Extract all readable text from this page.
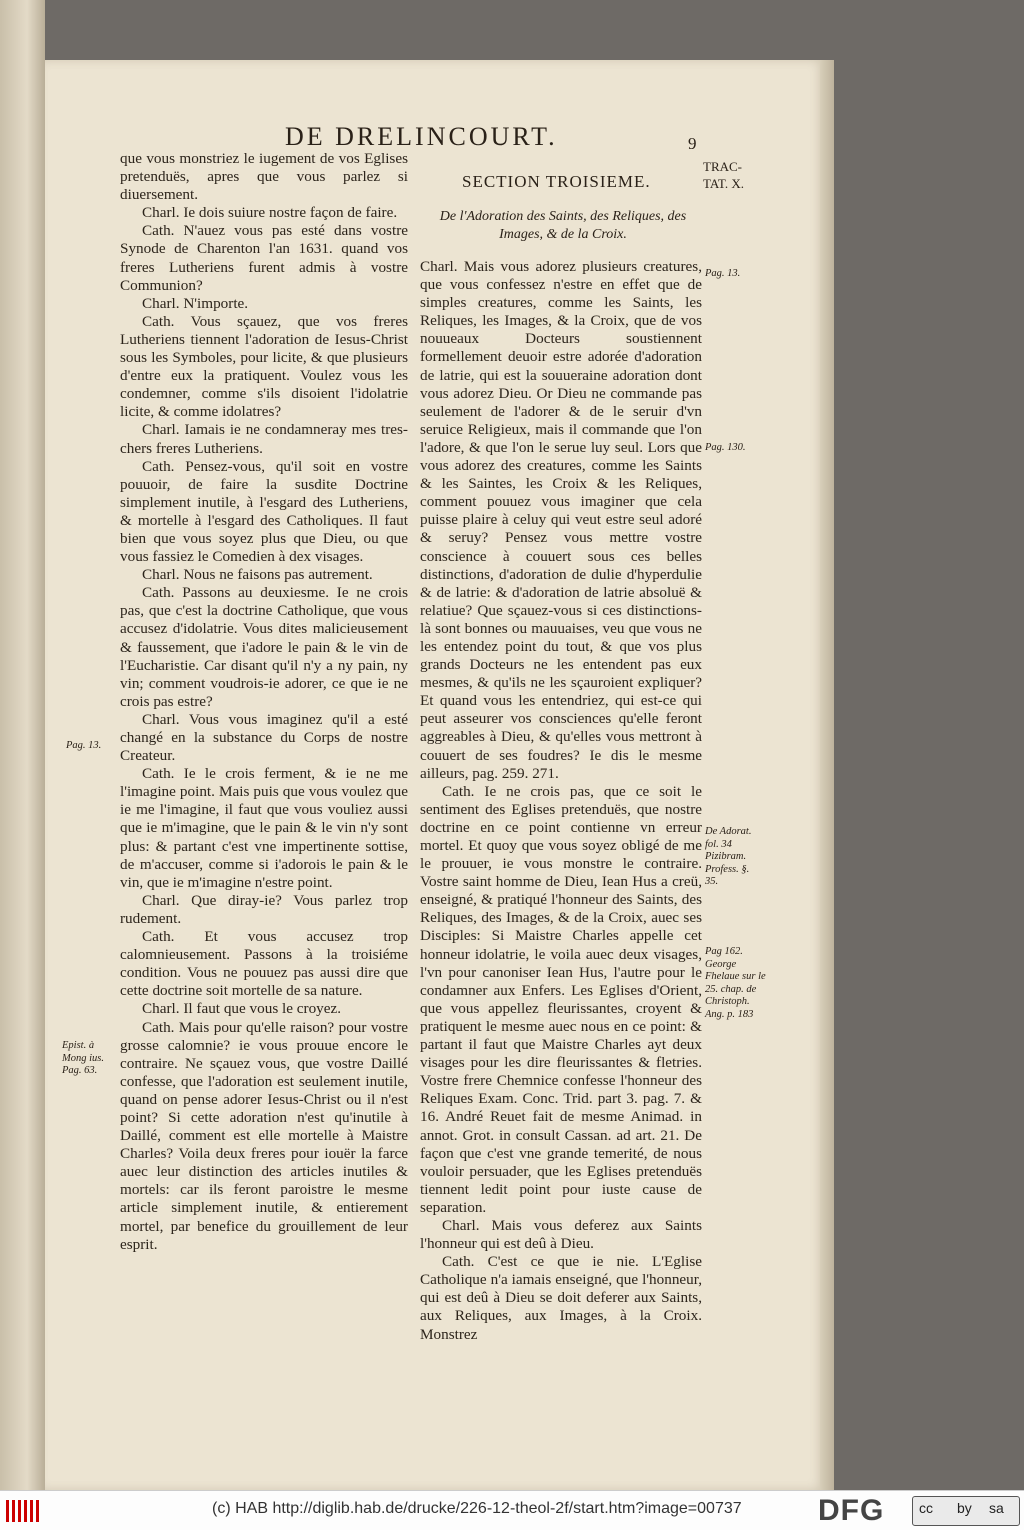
DE DRELINCOURT.	9
TRAC-
TAT. X.

que vous monstriez le iugement de vos Eglises pretenduës, apres que vous parlez si diuersement.

Charl. Ie dois suiure nostre façon de faire.

Cath. N'auez vous pas esté dans vostre Synode de Charenton l'an 1631. quand vos freres Lutheriens furent admis à vostre Communion?

Charl. N'importe.

Cath. Vous sçauez, que vos freres Lutheriens tiennent l'adoration de Iesus-Christ sous les Symboles, pour licite, & que plusieurs d'entre eux la pratiquent. Voulez vous les condemner, comme s'ils disoient l'idolatrie licite, & comme idolatres?

Charl. Iamais ie ne condamneray mes tres-chers freres Lutheriens.

Cath. Pensez-vous, qu'il soit en vostre pouuoir, de faire la susdite Doctrine simplement inutile, à l'esgard des Lutheriens, & mortelle à l'esgard des Catholiques. Il faut bien que vous soyez plus que Dieu, ou que vous fassiez le Comedien à dex visages.

Charl. Nous ne faisons pas autrement.

Cath. Passons au deuxiesme. Ie ne crois pas, que c'est la doctrine Catholique, que vous accusez d'idolatrie. Vous dites malicieusement & faussement, que i'adore le pain & le vin de l'Eucharistie. Car disant qu'il n'y a ny pain, ny vin; comment voudrois-ie adorer, ce que ie ne crois pas estre?

Charl. Vous vous imaginez qu'il a esté changé en la substance du Corps de nostre Createur.

Cath. Ie le crois ferment, & ie ne me l'imagine point. Mais puis que vous voulez que ie me l'imagine, il faut que vous vouliez aussi que ie m'imagine, que le pain & le vin n'y sont plus: & partant c'est vne impertinente sottise, de m'accuser, comme si i'adorois le pain & le vin, que ie m'imagine n'estre point.

Charl. Que diray-ie? Vous parlez trop rudement.

Cath. Et vous accusez trop calomnieusement. Passons à la troisiéme condition. Vous ne pouuez pas aussi dire que cette doctrine soit mortelle de sa nature.

Charl. Il faut que vous le croyez.

Cath. Mais pour qu'elle raison? pour vostre grosse calomnie? ie vous prouue encore le contraire. Ne sçauez vous, que vostre Daillé confesse, que l'adoration est seulement inutile, quand on pense adorer Iesus-Christ ou il n'est point? Si cette adoration n'est qu'inutile à Daillé, comment est elle mortelle à Maistre Charles? Voila deux freres pour iouër la farce auec leur distinction des articles inutiles & mortels: car ils feront paroistre le mesme article simplement inutile, & entierement mortel, par benefice du grouillement de leur esprit.

SECTION TROISIEME.
De l'Adoration des Saints, des Reliques, des Images, & de la Croix.

Charl. Mais vous adorez plusieurs creatures, que vous confessez n'estre en effet que de simples creatures, comme les Saints, les Reliques, les Images, & la Croix, que de vos nouueaux Docteurs soustiennent formellement deuoir estre adorée d'adoration de latrie, qui est la souueraine adoration dont vous adorez Dieu. Or Dieu ne commande pas seulement de l'adorer & de le seruir d'vn seruice Religieux, mais il commande que l'on l'adore, & que l'on le serue luy seul. Lors que vous adorez des creatures, comme les Saints & les Saintes, les Croix & les Reliques, comment pouuez vous imaginer que cela puisse plaire à celuy qui veut estre seul adoré & seruy? Pensez vous mettre vostre conscience à couuert sous ces belles distinctions, d'adoration de dulie d'hyperdulie & de latrie: & d'adoration de latrie absoluë & relatiue? Que sçauez-vous si ces distinctions-là sont bonnes ou mauuaises, veu que vous ne les entendez point du tout, & que vos plus grands Docteurs ne les entendent pas eux mesmes, & qu'ils ne les sçauroient expliquer? Et quand vous les entendriez, qui est-ce qui peut asseurer vos consciences qu'elle feront aggreables à Dieu, & qu'elles vous mettront à couuert de ses foudres? Ie dis le mesme ailleurs, pag. 259. 271.

Cath. Ie ne crois pas, que ce soit le sentiment des Eglises pretenduës, que nostre doctrine en ce point contienne vn erreur mortel. Et quoy que vous soyez obligé de me le prouuer, ie vous monstre le contraire. Vostre saint homme de Dieu, Iean Hus a creü, enseigné, & pratiqué l'honneur des Saints, des Reliques, des Images, & de la Croix, auec ses Disciples: Si Maistre Charles appelle cet honneur idolatrie, le voila auec deux visages, l'vn pour canoniser Iean Hus, l'autre pour le condamner aux Enfers. Les Eglises d'Orient, que vous appellez fleurissantes, croyent & pratiquent le mesme auec nous en ce point: & partant il faut que Maistre Charles ayt deux visages pour les dire fleurissantes & fletries. Vostre frere Chemnice confesse l'honneur des Reliques Exam. Conc. Trid. part 3. pag. 7. & 16. André Reuet fait de mesme Animad. in annot. Grot. in consult Cassan. ad art. 21. De façon que c'est vne grande temerité, de nous vouloir persuader, que les Eglises pretenduës tiennent ledit point pour iuste cause de separation.

Charl. Mais vous deferez aux Saints l'honneur qui est deû à Dieu.

Cath. C'est ce que ie nie. L'Eglise Catholique n'a iamais enseigné, que l'honneur, qui est deû à Dieu se doit deferer aux Saints, aux Reliques, aux Images, à la Croix. Monstrez

Pag. 13.
Epist. à Mong ius. Pag. 63.
Pag. 13.
Pag. 130.
De Adorat. fol. 34 Pizibram. Profess. §. 35.
Pag 162. George Fhelaue sur le 25. chap. de Christoph. Ang. p. 183
(c) HAB http://diglib.hab.de/drucke/226-12-theol-2f/start.htm?image=00737	DFG cc by sa
